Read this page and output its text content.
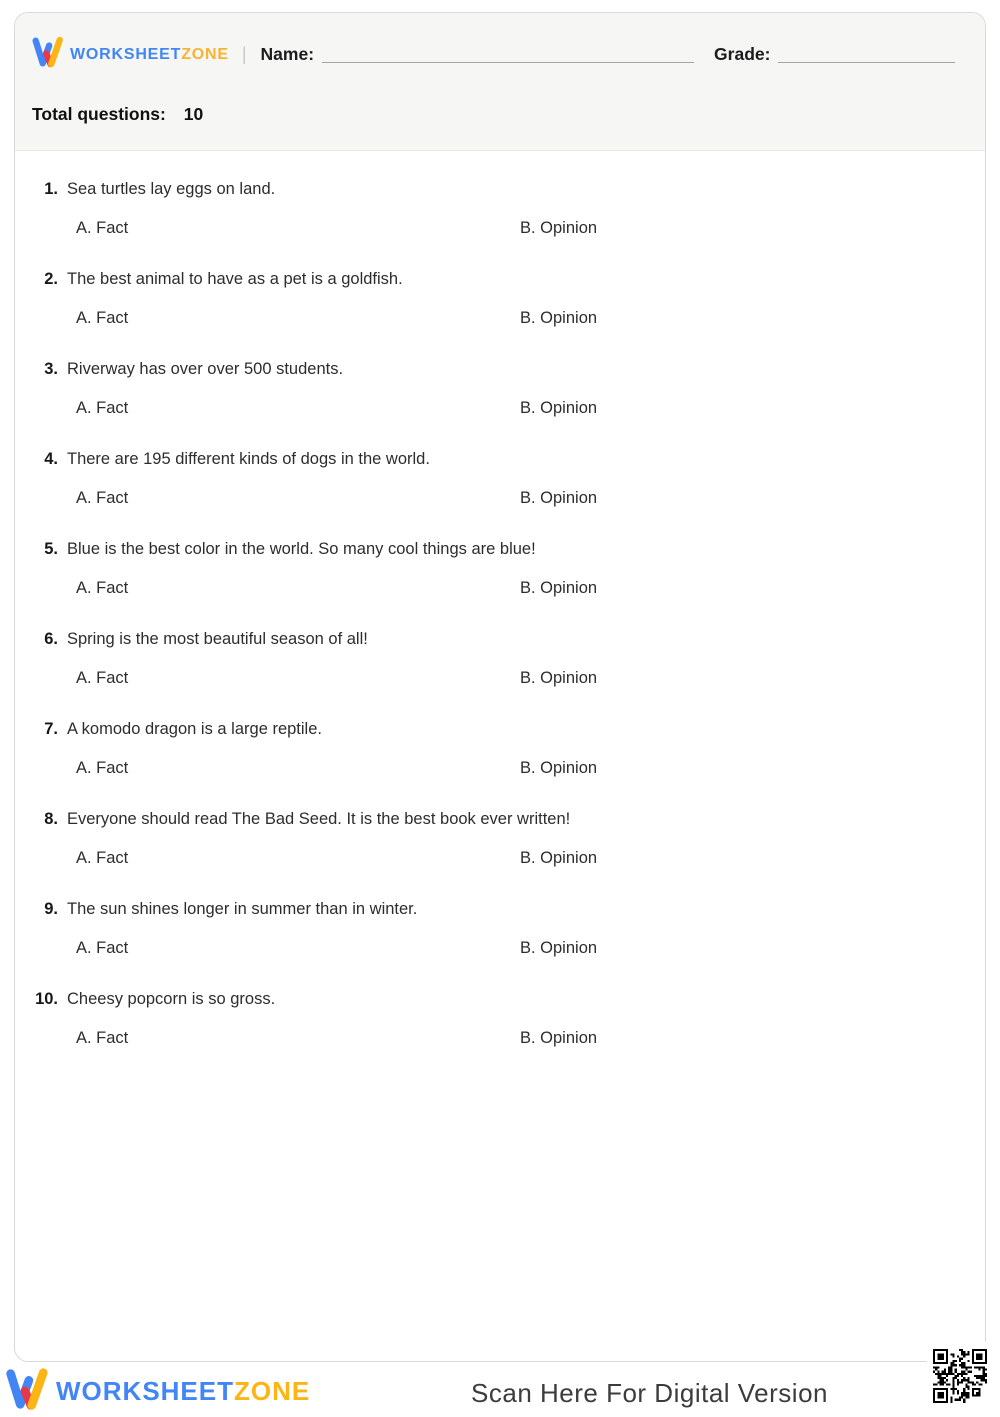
WORKSHEETZONE | Name:	Grade:
Total questions: 10
1. Sea turtles lay eggs on land.
A. Fact	B. Opinion
2. The best animal to have as a pet is a goldfish.
A. Fact	B. Opinion
3. Riverway has over over 500 students.
A. Fact	B. Opinion
4. There are 195 different kinds of dogs in the world.
A. Fact	B. Opinion
5. Blue is the best color in the world. So many cool things are blue!
A. Fact	B. Opinion
6. Spring is the most beautiful season of all!
A. Fact	B. Opinion
7. A komodo dragon is a large reptile.
A. Fact	B. Opinion
8. Everyone should read The Bad Seed. It is the best book ever written!
A. Fact	B. Opinion
9. The sun shines longer in summer than in winter.
A. Fact	B. Opinion
10. Cheesy popcorn is so gross.
A. Fact	B. Opinion
WORKSHEETZONE	Scan Here For Digital Version
